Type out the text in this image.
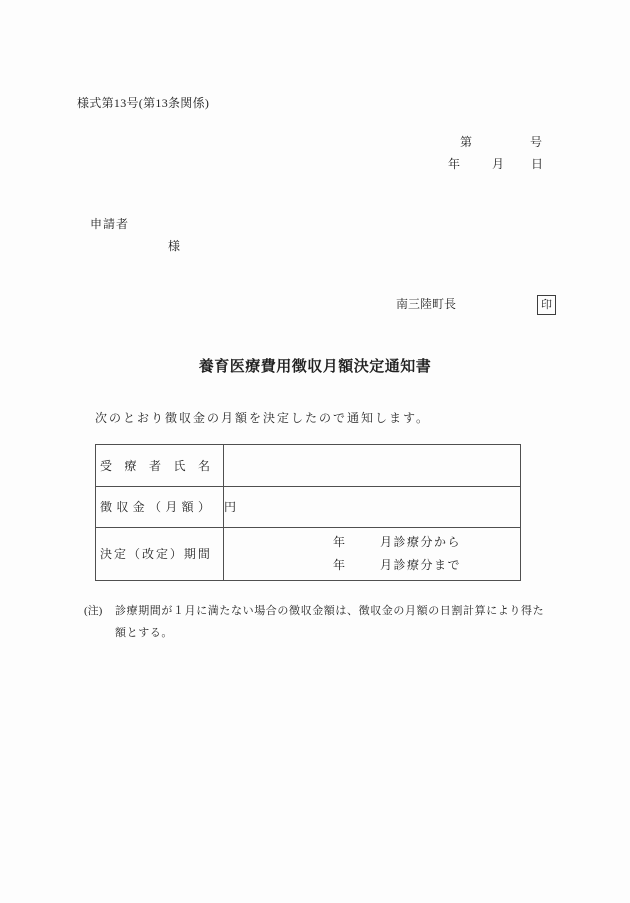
様式第13号(第13条関係)
第	号
年	月 日
申請者
様
南三陸町長	印
養育医療費用徴収月額決定通知書
次のとおり徴収金の月額を決定したので通知します。
受 療 者 氏 名	

徴 収 金 （ 月 額 ）	円

決 定 （ 改 定 ） 期 間

年	月診療分から
年	月診療分まで
(注) 診療期間が１月に満たない場合の徴収金額は、徴収金の月額の日割計算により得た
額とする。
